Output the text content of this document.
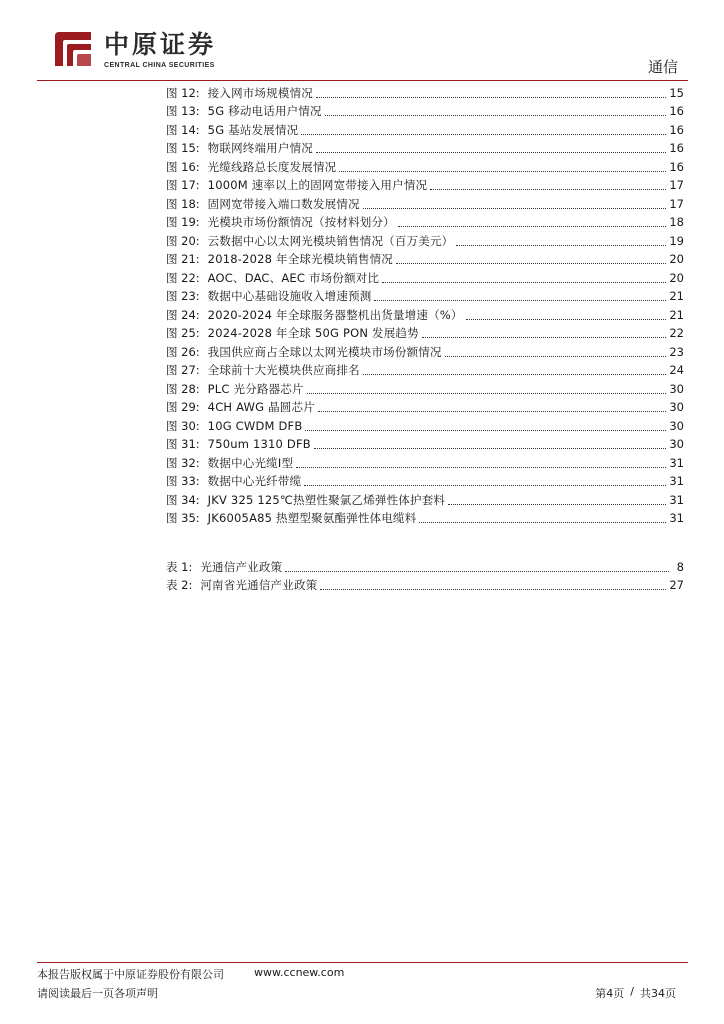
中原证券
CENTRAL CHINA SECURITIES	通信
图 12: 接入网市场规模情况	15
图 13: 5G 移动电话用户情况	16
图 14: 5G 基站发展情况	16
图 15: 物联网终端用户情况	16
图 16: 光缆线路总长度发展情况	16
图 17: 1000M 速率以上的固网宽带接入用户情况	17
图 18: 固网宽带接入端口数发展情况	17
图 19: 光模块市场份额情况（按材料划分）	18
图 20: 云数据中心以太网光模块销售情况（百万美元）	19
图 21: 2018-2028 年全球光模块销售情况	20
图 22: AOC、DAC、AEC 市场份额对比	20
图 23: 数据中心基础设施收入增速预测	21
图 24: 2020-2024 年全球服务器整机出货量增速（%）	21
图 25: 2024-2028 年全球 50G PON 发展趋势	22
图 26: 我国供应商占全球以太网光模块市场份额情况	23
图 27: 全球前十大光模块供应商排名	24
图 28: PLC 光分路器芯片	30
图 29: 4CH AWG 晶圆芯片	30
图 30: 10G CWDM DFB	30
图 31: 750um 1310 DFB	30
图 32: 数据中心光缆Ⅰ型	31
图 33: 数据中心光纤带缆	31
图 34: JKV 325 125℃热塑性聚氯乙烯弹性体护套料	31
图 35: JK6005A85 热塑型聚氨酯弹性体电缆料	31
表 1: 光通信产业政策	8
表 2: 河南省光通信产业政策	27
本报告版权属于中原证券股份有限公司	www.ccnew.com
请阅读最后一页各项声明	第4页 / 共34页
